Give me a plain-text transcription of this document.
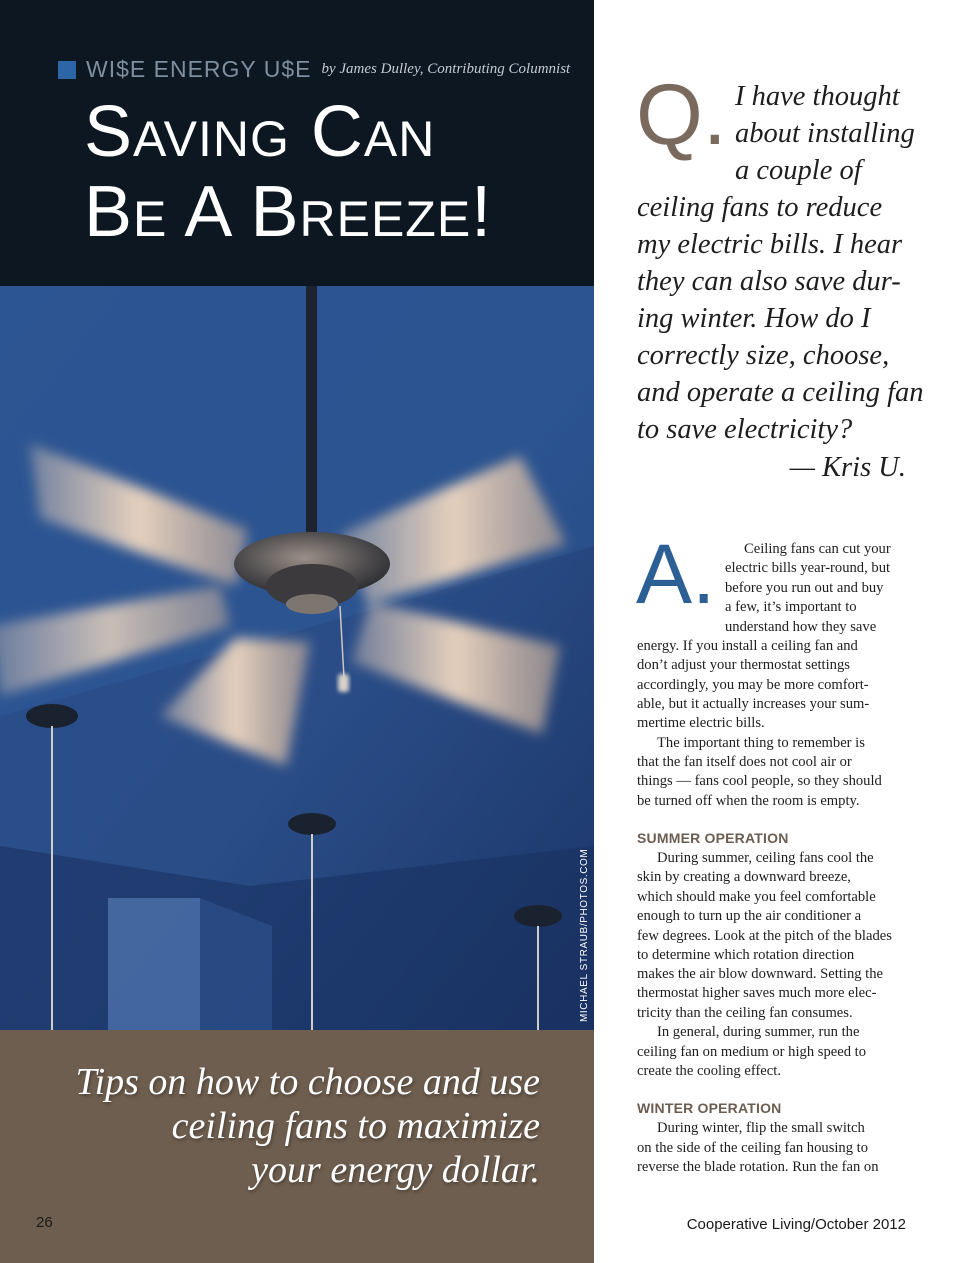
WI$E ENERGY U$E by James Dulley, Contributing Columnist
Saving Can
Be A Breeze!
MICHAEL STRAUB/PHOTOS.COM

Tips on how to choose and use
ceiling fans to maximize
your energy dollar.

26
Q. I have thought
about installing
a couple of
ceiling fans to reduce
my electric bills. I hear
they can also save dur-
ing winter. How do I
correctly size, choose,
and operate a ceiling fan
to save electricity?
— Kris U.
A. Ceiling fans can cut your
electric bills year-round, but
before you run out and buy
a few, it’s important to
understand how they save
energy. If you install a ceiling fan and
don’t adjust your thermostat settings
accordingly, you may be more comfort-
able, but it actually increases your sum-
mertime electric bills.
The important thing to remember is
that the fan itself does not cool air or
things — fans cool people, so they should
be turned off when the room is empty.
SUMMER OPERATION
During summer, ceiling fans cool the
skin by creating a downward breeze,
which should make you feel comfortable
enough to turn up the air conditioner a
few degrees. Look at the pitch of the blades
to determine which rotation direction
makes the air blow downward. Setting the
thermostat higher saves much more elec-
tricity than the ceiling fan consumes.
In general, during summer, run the
ceiling fan on medium or high speed to
create the cooling effect.
WINTER OPERATION
During winter, flip the small switch
on the side of the ceiling fan housing to
reverse the blade rotation. Run the fan on
Cooperative Living/October 2012
